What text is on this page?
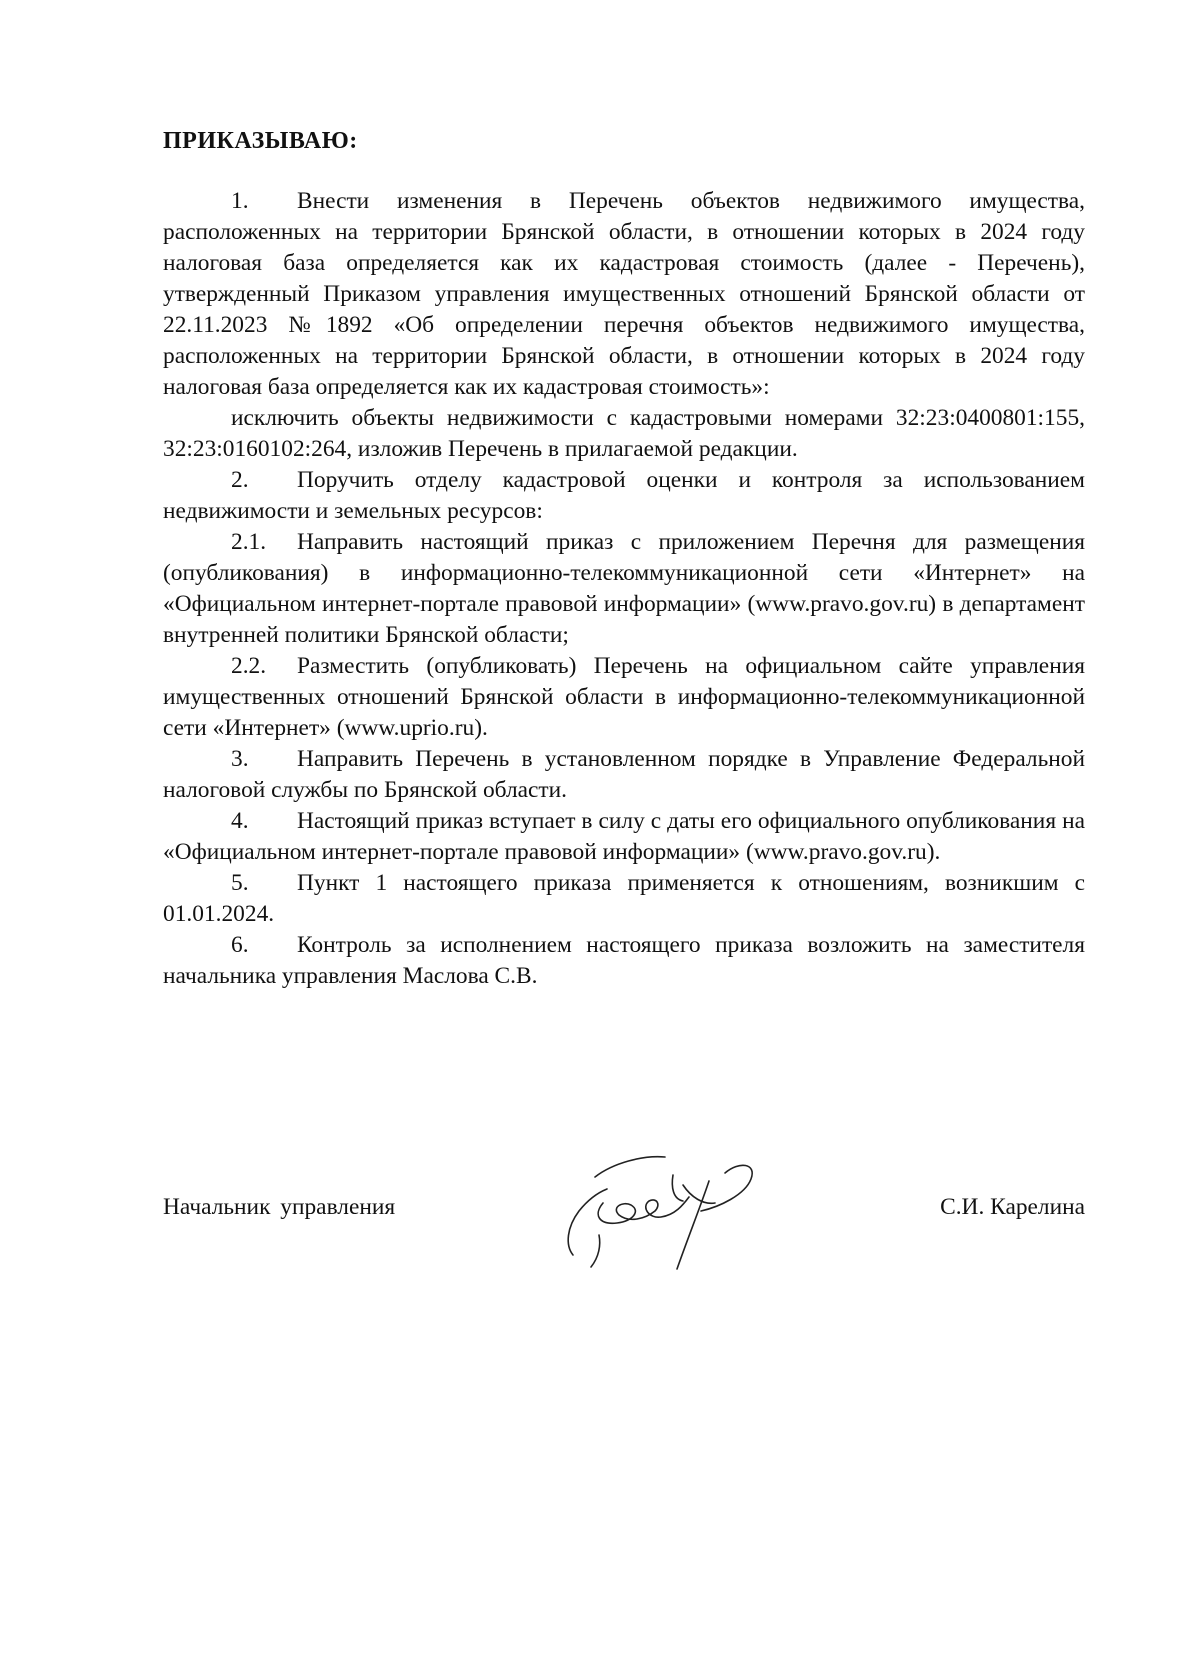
ПРИКАЗЫВАЮ:

1. Внести изменения в Перечень объектов недвижимого имущества, расположенных на территории Брянской области, в отношении которых в 2024 году налоговая база определяется как их кадастровая стоимость (далее - Перечень), утвержденный Приказом управления имущественных отношений Брянской области от 22.11.2023 №1892 «Об определении перечня объектов недвижимого имущества, расположенных на территории Брянской области, в отношении которых в 2024 году налоговая база определяется как их кадастровая стоимость»:

исключить объекты недвижимости с кадастровыми номерами 32:23:0400801:155, 32:23:0160102:264, изложив Перечень в прилагаемой редакции.

2. Поручить отделу кадастровой оценки и контроля за использованием недвижимости и земельных ресурсов:

2.1. Направить настоящий приказ с приложением Перечня для размещения (опубликования) в информационно-телекоммуникационной сети «Интернет» на «Официальном интернет-портале правовой информации» (www.pravo.gov.ru) в департамент внутренней политики Брянской области;

2.2. Разместить (опубликовать) Перечень на официальном сайте управления имущественных отношений Брянской области в информационно-телекоммуникационной сети «Интернет» (www.uprio.ru).

3. Направить Перечень в установленном порядке в Управление Федеральной налоговой службы по Брянской области.

4. Настоящий приказ вступает в силу с даты его официального опубликования на «Официальном интернет-портале правовой информации» (www.pravo.gov.ru).

5. Пункт 1 настоящего приказа применяется к отношениям, возникшим с 01.01.2024.

6. Контроль за исполнением настоящего приказа возложить на заместителя начальника управления Маслова С.В.

Начальник управления	С.И. Карелина
